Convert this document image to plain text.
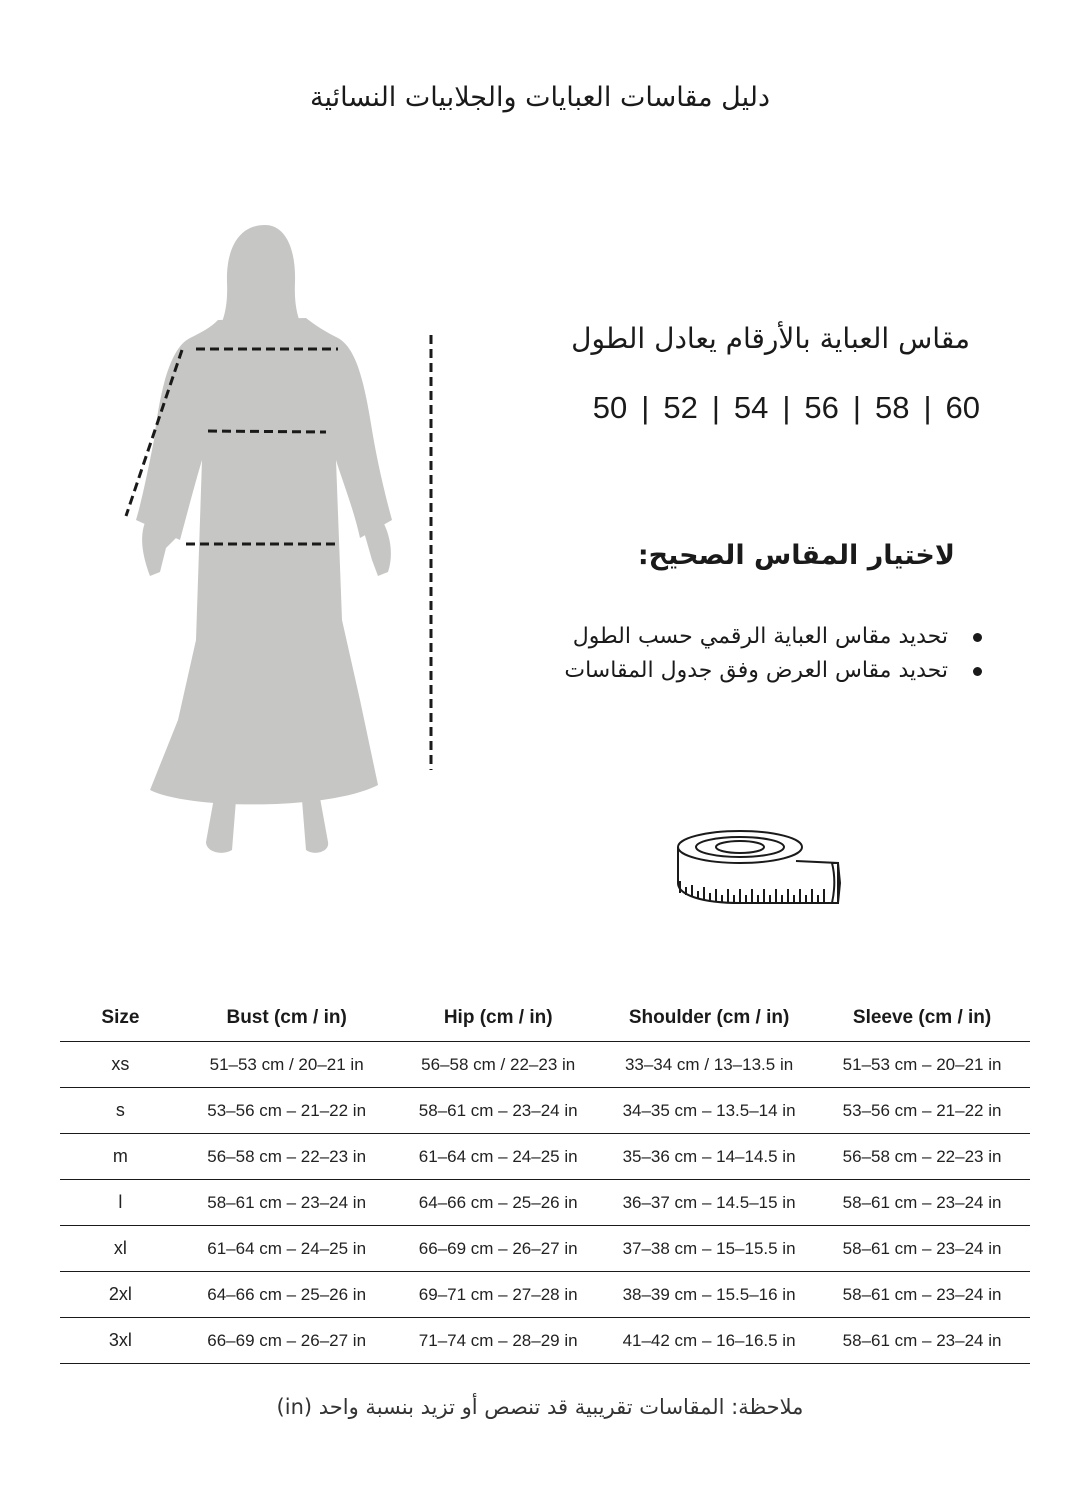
دليل مقاسات العبايات والجلابيات النسائية
مقاس العباية بالأرقام يعادل الطول
50 | 52 | 54 | 56 | 58 | 60
لاختيار المقاس الصحيح:
تحديد مقاس العباية الرقمي حسب الطول
تحديد مقاس العرض وفق جدول المقاسات
Size	Bust (cm / in)	Hip (cm / in)	Shoulder (cm / in)	Sleeve (cm / in)
xs	51–53 cm / 20–21 in	56–58 cm / 22–23 in	33–34 cm / 13–13.5 in	51–53 cm – 20–21 in
s	53–56 cm – 21–22 in	58–61 cm – 23–24 in	34–35 cm – 13.5–14 in	53–56 cm – 21–22 in
m	56–58 cm – 22–23 in	61–64 cm – 24–25 in	35–36 cm – 14–14.5 in	56–58 cm – 22–23 in
l	58–61 cm – 23–24 in	64–66 cm – 25–26 in	36–37 cm – 14.5–15 in	58–61 cm – 23–24 in
xl	61–64 cm – 24–25 in	66–69 cm – 26–27 in	37–38 cm – 15–15.5 in	58–61 cm – 23–24 in
2xl	64–66 cm – 25–26 in	69–71 cm – 27–28 in	38–39 cm – 15.5–16 in	58–61 cm – 23–24 in
3xl	66–69 cm – 26–27 in	71–74 cm – 28–29 in	41–42 cm – 16–16.5 in	58–61 cm – 23–24 in
ملاحظة: المقاسات تقريبية قد تنصص أو تزيد بنسبة واحد (in)
